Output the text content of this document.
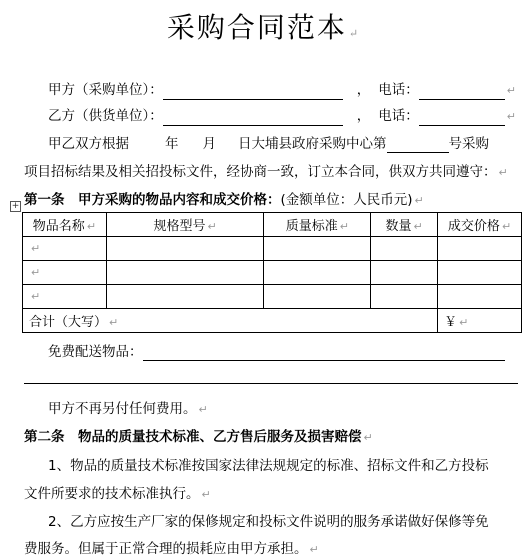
采购合同范本 ↵
甲方（采购单位）：	， 电话：	↵
乙方（供货单位）：	， 电话：	↵
甲乙双方根据	年 月 日大埔县政府采购中心第	号采购
项目招标结果及相关招投标文件，经协商一致，订立本合同，供双方共同遵守： ↵
第一条　甲方采购的物品内容和成交价格：(金额单位：人民币元) ↵
+
物品名称 ↵	规格型号 ↵	质量标准 ↵	数量 ↵	成交价格 ↵
↵				
↵				
↵				
合计（大写） ↵				￥ ↵
免费配送物品：
甲方不再另付任何费用。 ↵
第二条　物品的质量技术标准、乙方售后服务及损害赔偿 ↵
1、物品的质量技术标准按国家法律法规规定的标准、招标文件和乙方投标
文件所要求的技术标准执行。 ↵
2、乙方应按生产厂家的保修规定和投标文件说明的服务承诺做好保修等免
费服务。但属于正常合理的损耗应由甲方承担。 ↵
